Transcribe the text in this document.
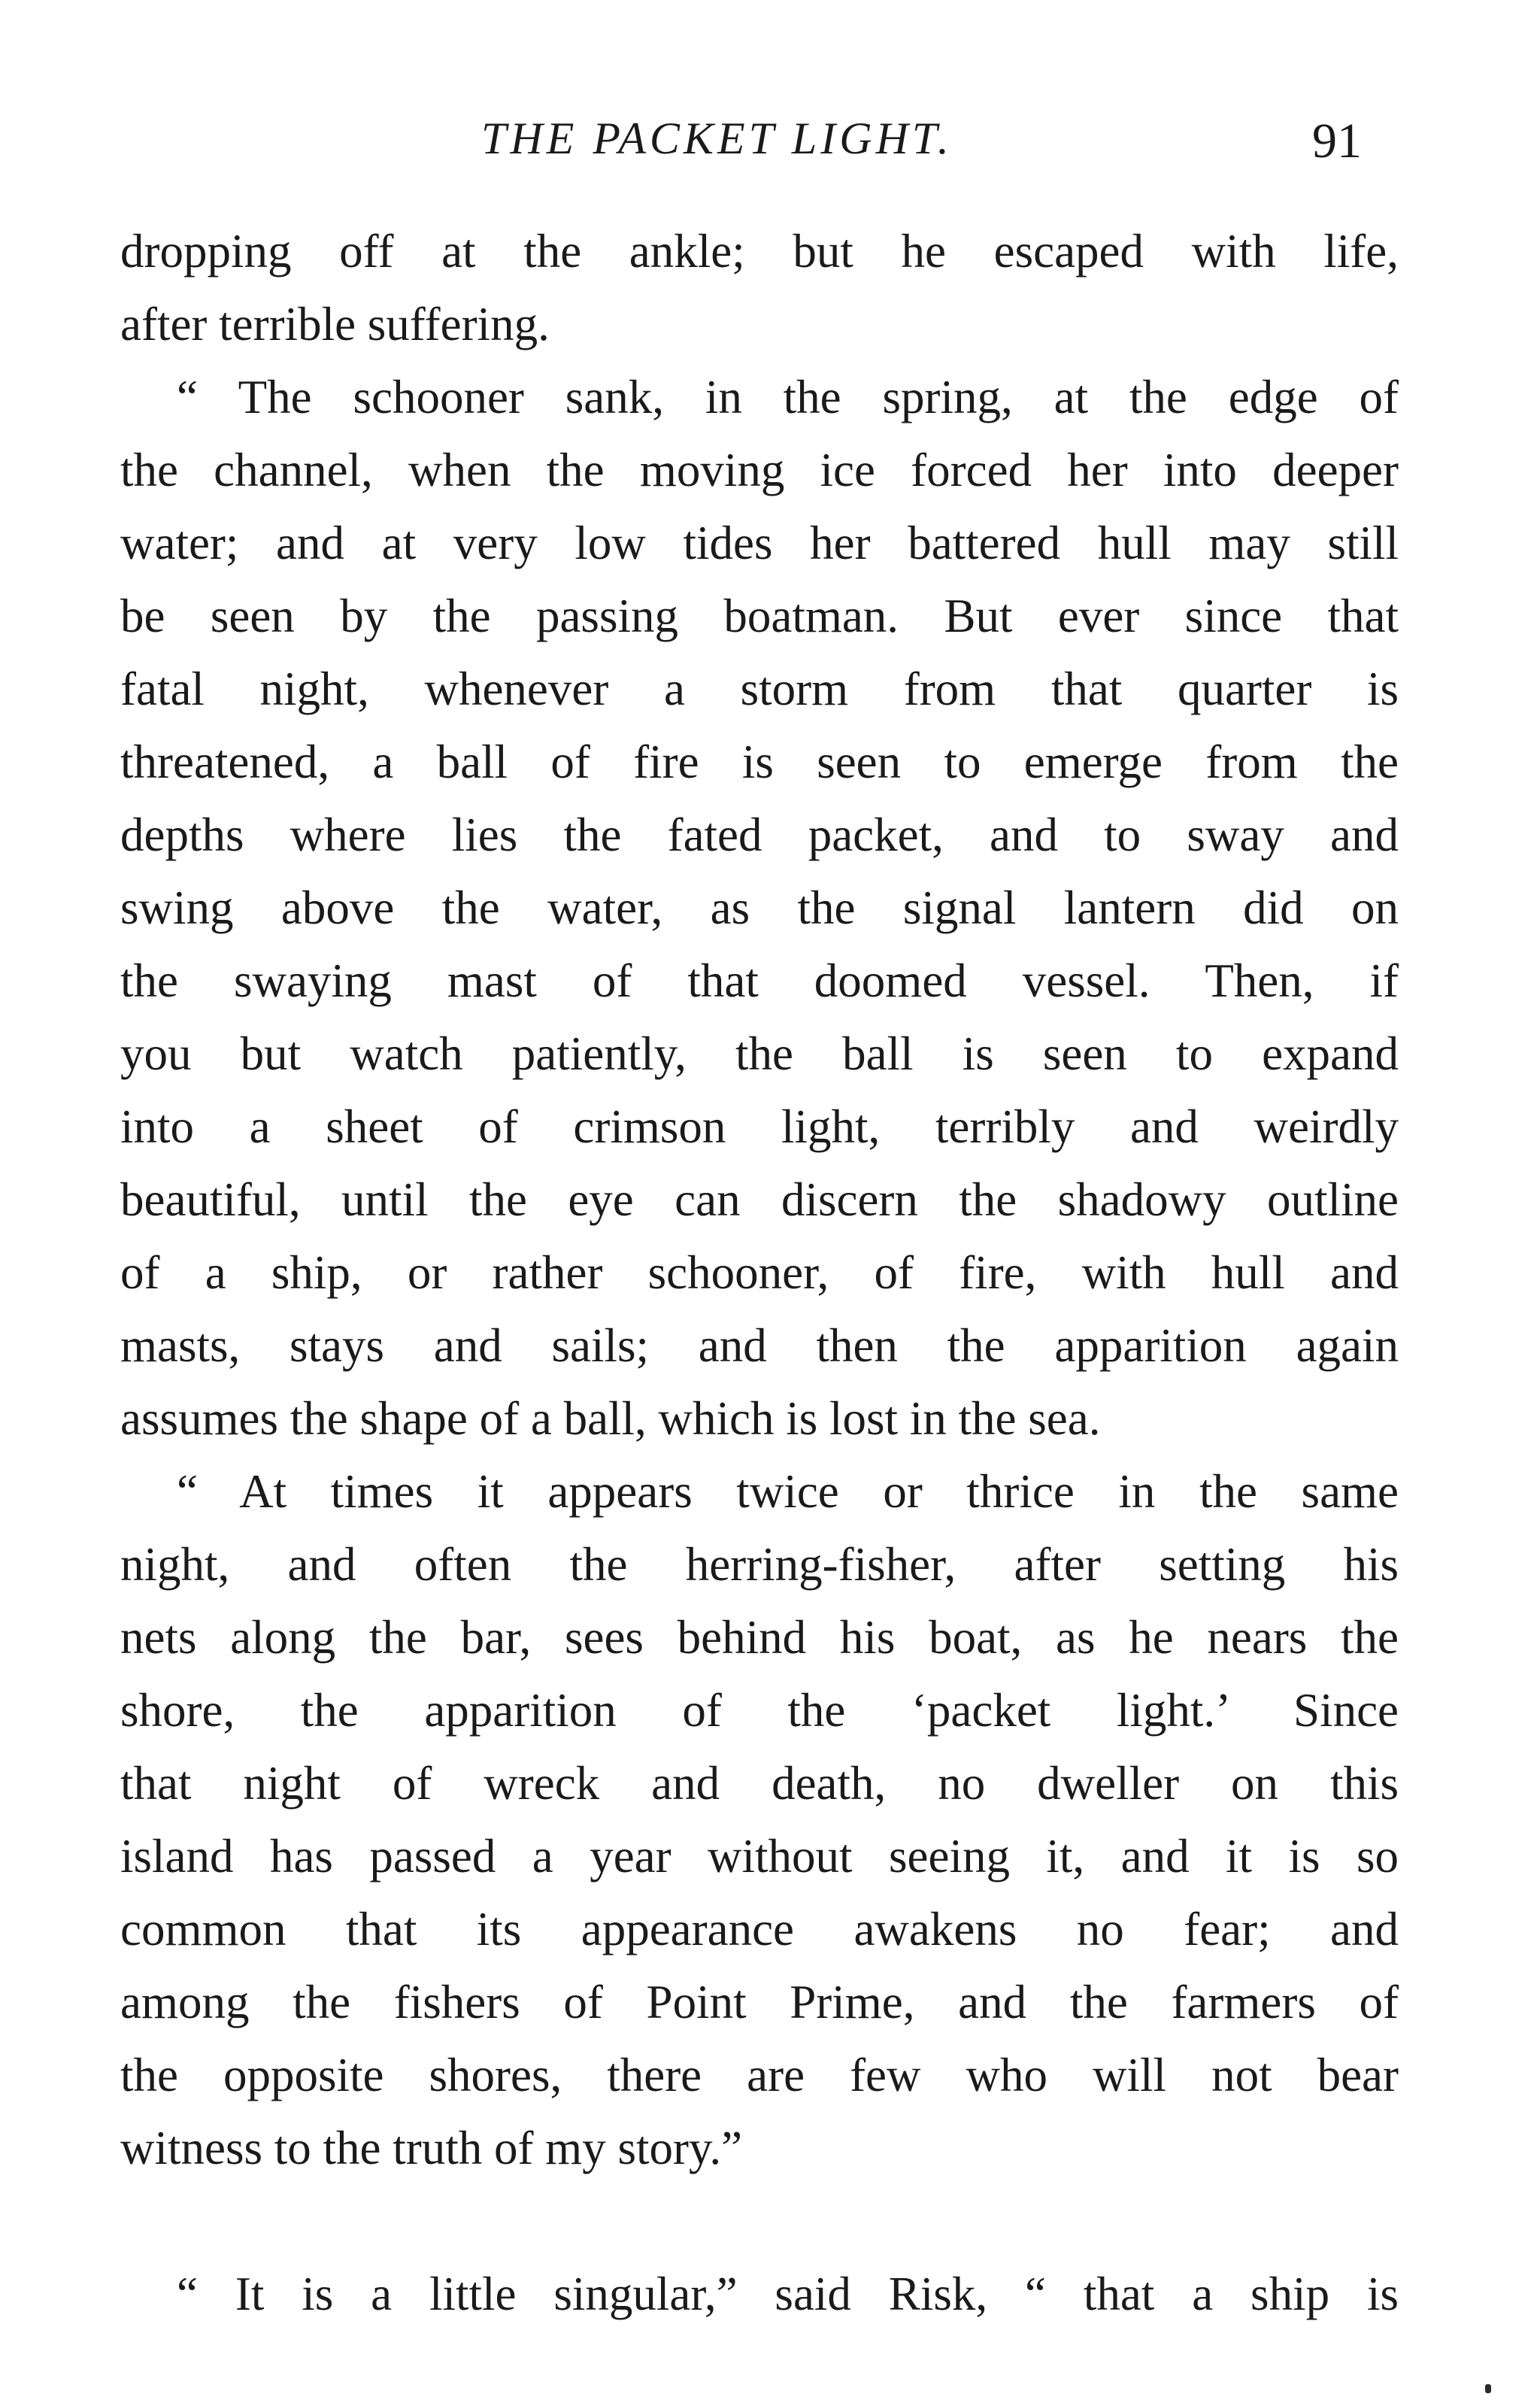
THE PACKET LIGHT.	91
dropping off at the ankle; but he escaped with life,
after terrible suffering.
“ The schooner sank, in the spring, at the edge of
the channel, when the moving ice forced her into deeper
water; and at very low tides her battered hull may still
be seen by the passing boatman. But ever since that
fatal night, whenever a storm from that quarter is
threatened, a ball of fire is seen to emerge from the
depths where lies the fated packet, and to sway and
swing above the water, as the signal lantern did on
the swaying mast of that doomed vessel. Then, if
you but watch patiently, the ball is seen to expand
into a sheet of crimson light, terribly and weirdly
beautiful, until the eye can discern the shadowy outline
of a ship, or rather schooner, of fire, with hull and
masts, stays and sails; and then the apparition again
assumes the shape of a ball, which is lost in the sea.
“ At times it appears twice or thrice in the same
night, and often the herring-fisher, after setting his
nets along the bar, sees behind his boat, as he nears the
shore, the apparition of the ‘packet light.’ Since
that night of wreck and death, no dweller on this
island has passed a year without seeing it, and it is so
common that its appearance awakens no fear; and
among the fishers of Point Prime, and the farmers of
the opposite shores, there are few who will not bear
witness to the truth of my story.”
“ It is a little singular,” said Risk, “ that a ship is
